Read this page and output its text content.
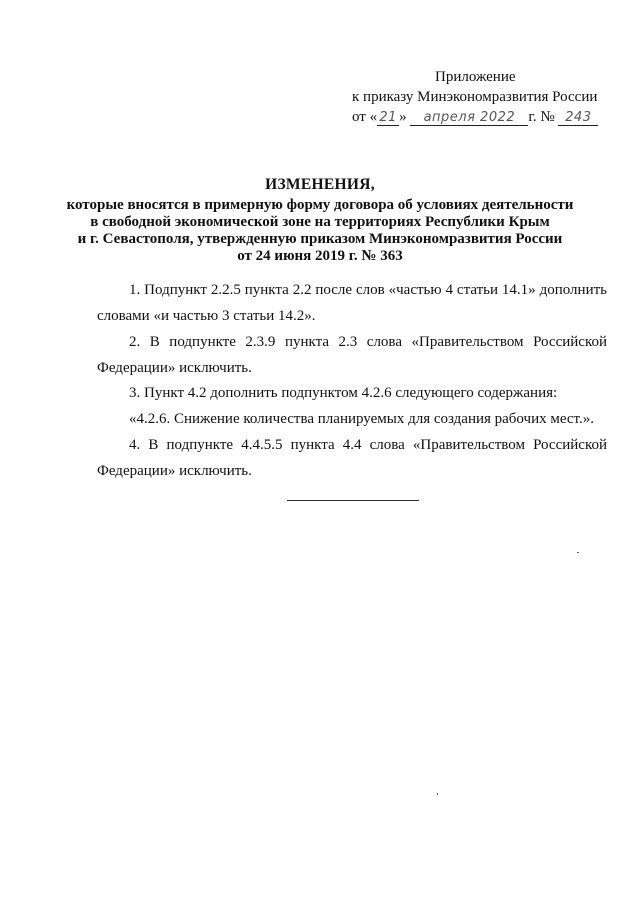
Приложение
к приказу Минэкономразвития России
от « 21 » апреля 2022 г. № 243
ИЗМЕНЕНИЯ,
которые вносятся в примерную форму договора об условиях деятельности
в свободной экономической зоне на территориях Республики Крым
и г. Севастополя, утвержденную приказом Минэкономразвития России
от 24 июня 2019 г. № 363
1. Подпункт 2.2.5 пункта 2.2 после слов «частью 4 статьи 14.1» дополнить
словами «и частью 3 статьи 14.2».
2. В подпункте 2.3.9 пункта 2.3 слова «Правительством Российской
Федерации» исключить.
3. Пункт 4.2 дополнить подпунктом 4.2.6 следующего содержания:
«4.2.6. Снижение количества планируемых для создания рабочих мест.».
4. В подпункте 4.4.5.5 пункта 4.4 слова «Правительством Российской
Федерации» исключить.
